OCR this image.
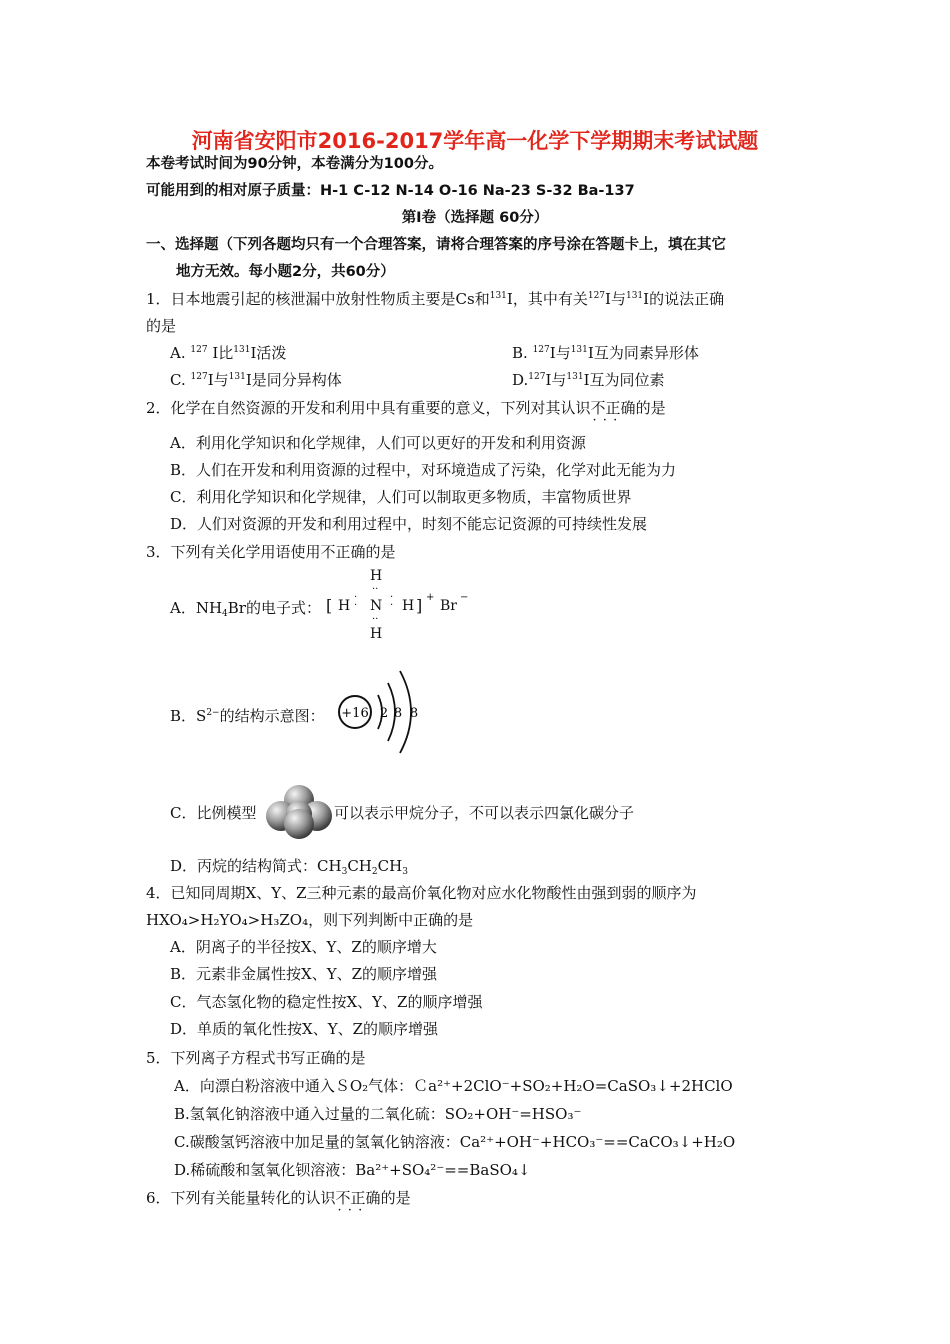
河南省安阳市2016-2017学年高一化学下学期期末考试试题
本卷考试时间为90分钟，本卷满分为100分。
可能用到的相对原子质量：H-1 C-12 N-14 O-16 Na-23 S-32 Ba-137
第Ⅰ卷（选择题 60分）
一、选择题（下列各题均只有一个合理答案，请将合理答案的序号涂在答题卡上，填在其它
地方无效。每小题2分，共60分）
1．日本地震引起的核泄漏中放射性物质主要是Cs和$^{131}$I，其中有关$^{127}$I与$^{131}$I的说法正确
的是
A. $^{127}$ I比$^{131}$I活泼	B. $^{127}$I与$^{131}$I互为同素异形体
C. $^{127}$I与$^{131}$I是同分异构体	D.$^{127}$I与$^{131}$I互为同位素
2．化学在自然资源的开发和利用中具有重要的意义，下列对其认识不正确 · · ·的是
A．利用化学知识和化学规律，人们可以更好的开发和利用资源
B．人们在开发和利用资源的过程中，对环境造成了污染，化学对此无能为力
C．利用化学知识和化学规律，人们可以制取更多物质，丰富物质世界
D．人们对资源的开发和利用过程中，时刻不能忘记资源的可持续性发展
3．下列有关化学用语使用不正确的是
A．$NH_4Br$的电子式：
H
··
[ H
·
· N
·
· H ] +
Br
−
··
H
B．$S^{2-}$的结构示意图： +16 2 8 8
C．比例模型	可以表示甲烷分子，不可以表示四氯化碳分子
D．丙烷的结构简式：$CH_3CH_2CH_3$
4．已知同周期X、Y、Z三种元素的最高价氧化物对应水化物酸性由强到弱的顺序为
HXO₄>H₂YO₄>H₃ZO₄，则下列判断中正确的是
A．阴离子的半径按X、Y、Z的顺序增大
B．元素非金属性按X、Y、Z的顺序增强
C．气态氢化物的稳定性按X、Y、Z的顺序增强
D．单质的氧化性按X、Y、Z的顺序增强
5．下列离子方程式书写正确的是
A．向漂白粉溶液中通入ＳO₂气体：Ｃa²⁺+2ClO⁻+SO₂+H₂O=CaSO₃↓+2HClO
B.氢氧化钠溶液中通入过量的二氧化硫：SO₂+OH⁻=HSO₃⁻
C.碳酸氢钙溶液中加足量的氢氧化钠溶液：Ca²⁺+OH⁻+HCO₃⁻==CaCO₃↓+H₂O
D.稀硫酸和氢氧化钡溶液：Ba²⁺+SO₄²⁻==BaSO₄↓
6．下列有关能量转化的认识不正确 · · ·的是
